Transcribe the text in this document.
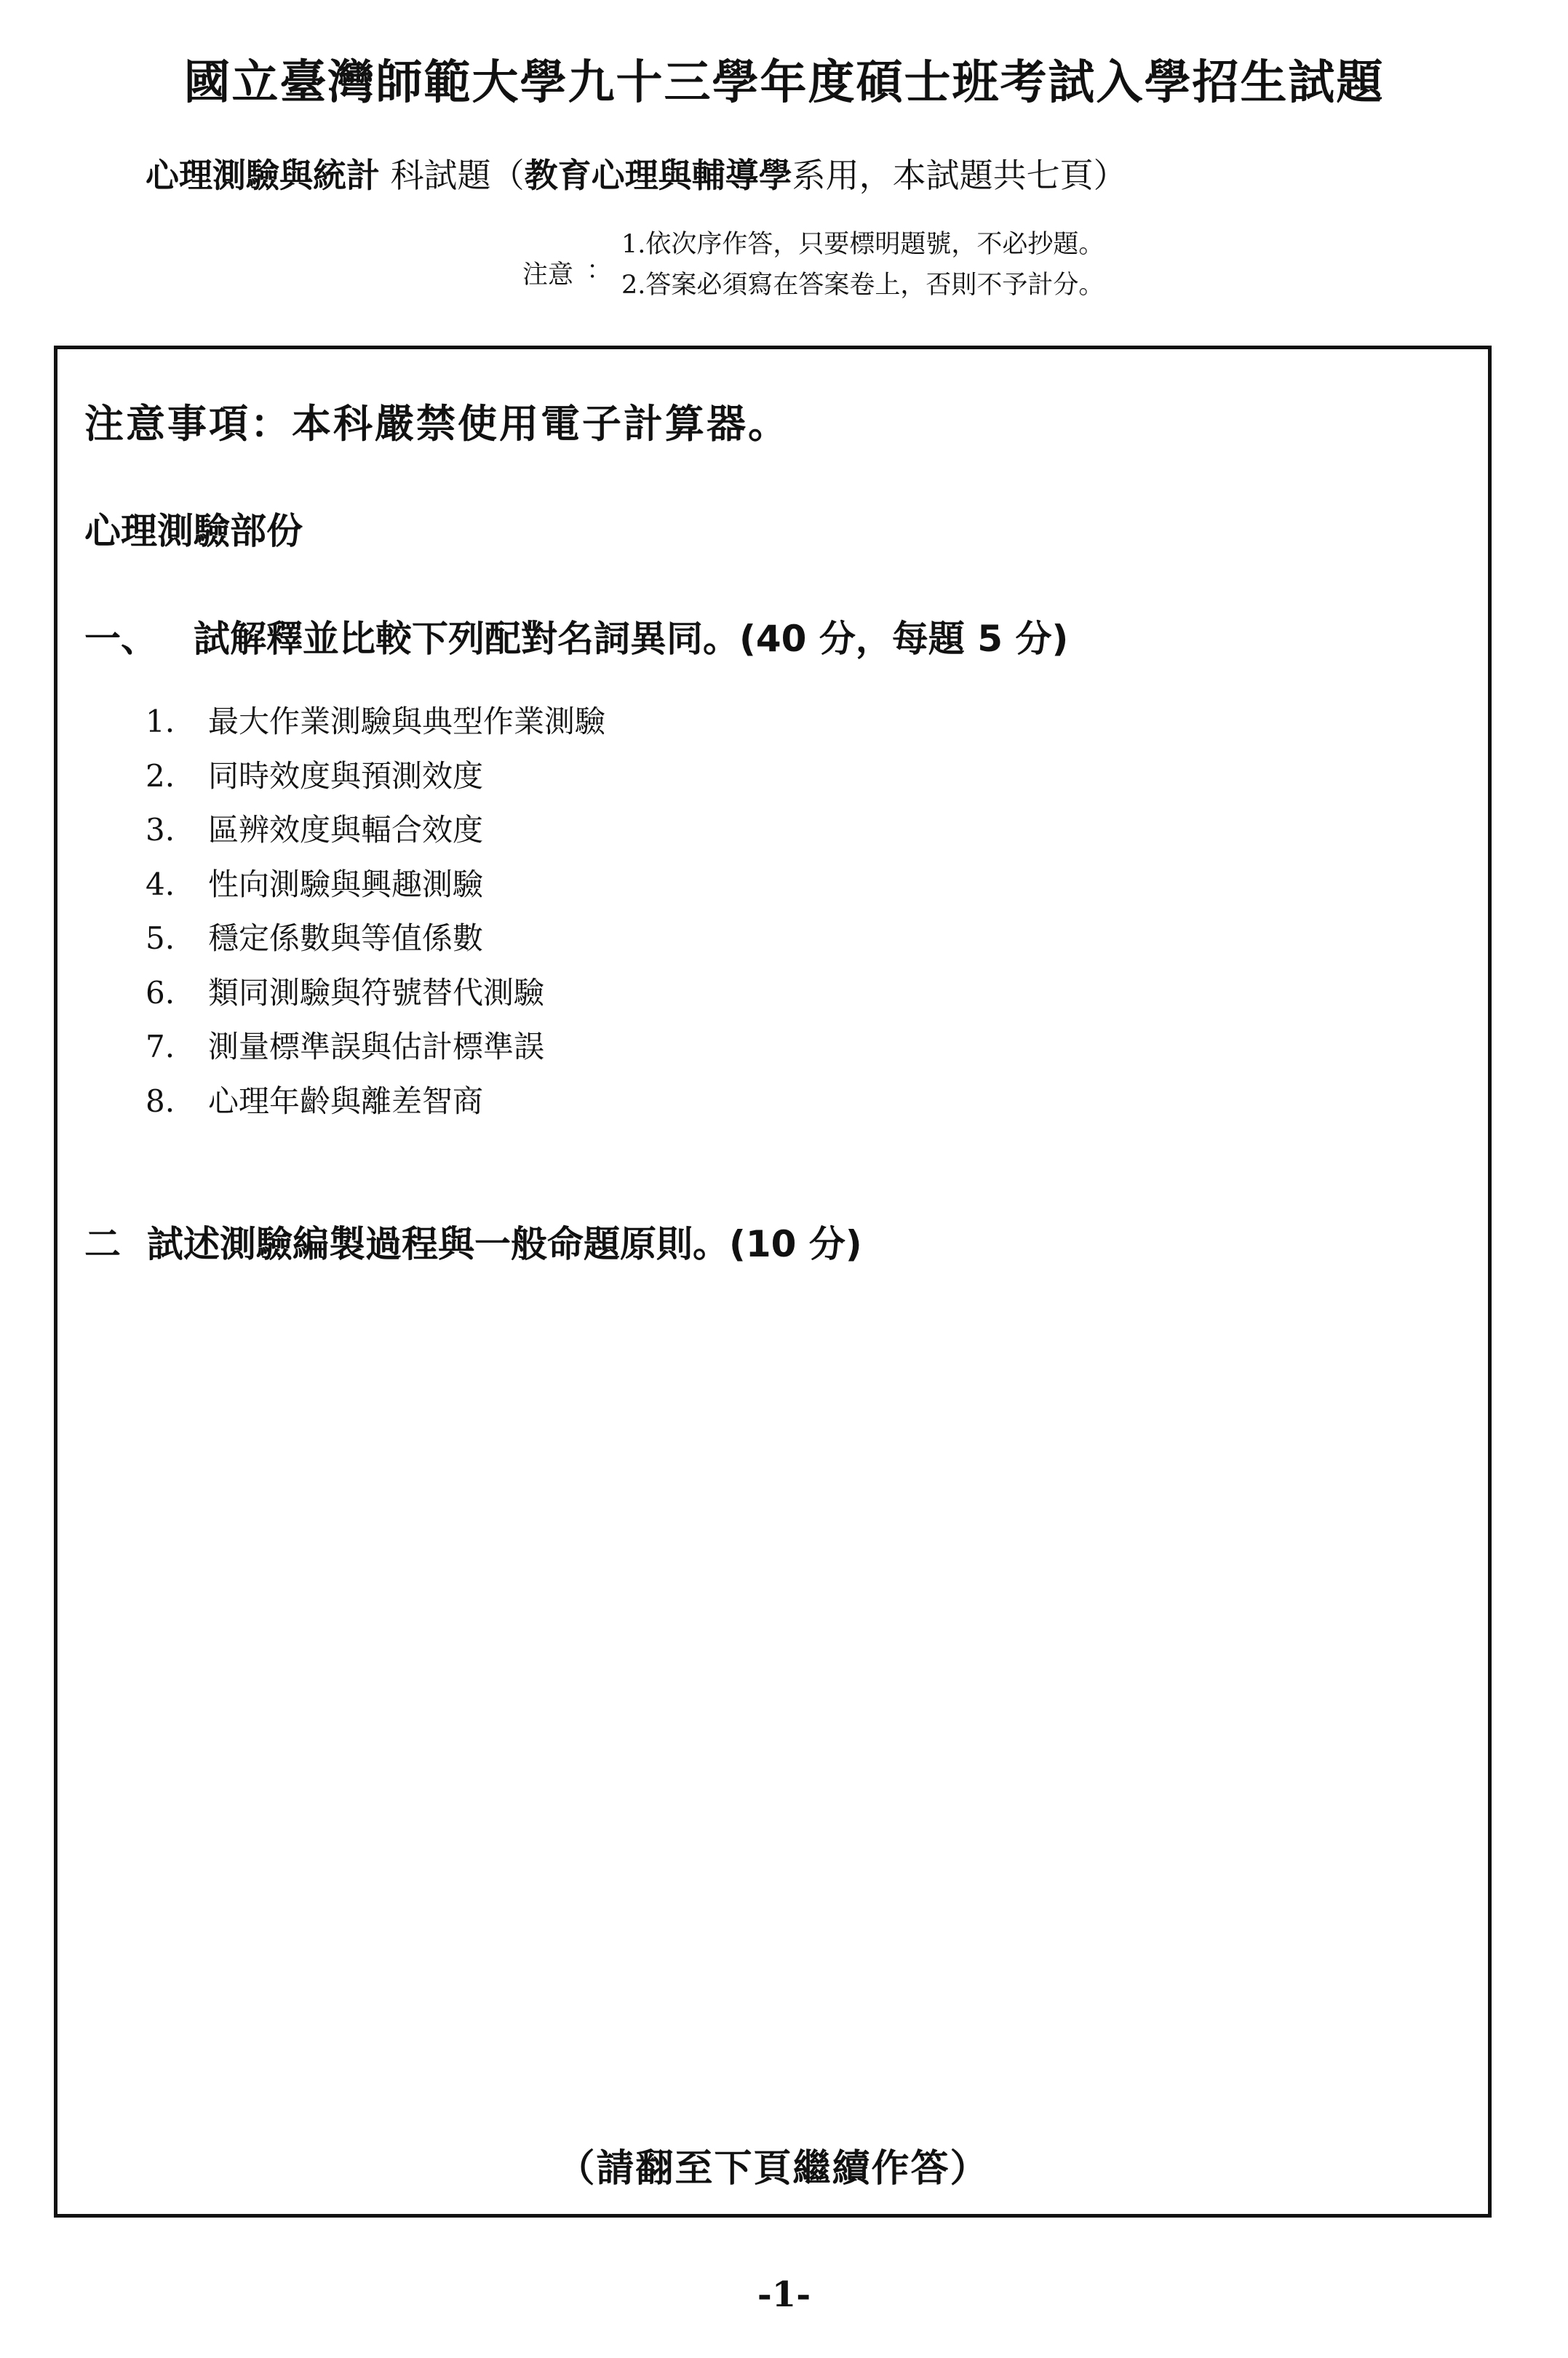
國立臺灣師範大學九十三學年度碩士班考試入學招生試題
心理測驗與統計 科試題（教育心理與輔導學系用，本試題共七頁）
注意 ：
1.依次序作答，只要標明題號，不必抄題。
2.答案必須寫在答案卷上，否則不予計分。
注意事項：本科嚴禁使用電子計算器。
心理測驗部份
一、 試解釋並比較下列配對名詞異同。(40 分，每題 5 分)
1. 最大作業測驗與典型作業測驗
2. 同時效度與預測效度
3. 區辨效度與輻合效度
4. 性向測驗與興趣測驗
5. 穩定係數與等值係數
6. 類同測驗與符號替代測驗
7. 測量標準誤與估計標準誤
8. 心理年齡與離差智商
二 試述測驗編製過程與一般命題原則。(10 分)
（請翻至下頁繼續作答）
-1-
